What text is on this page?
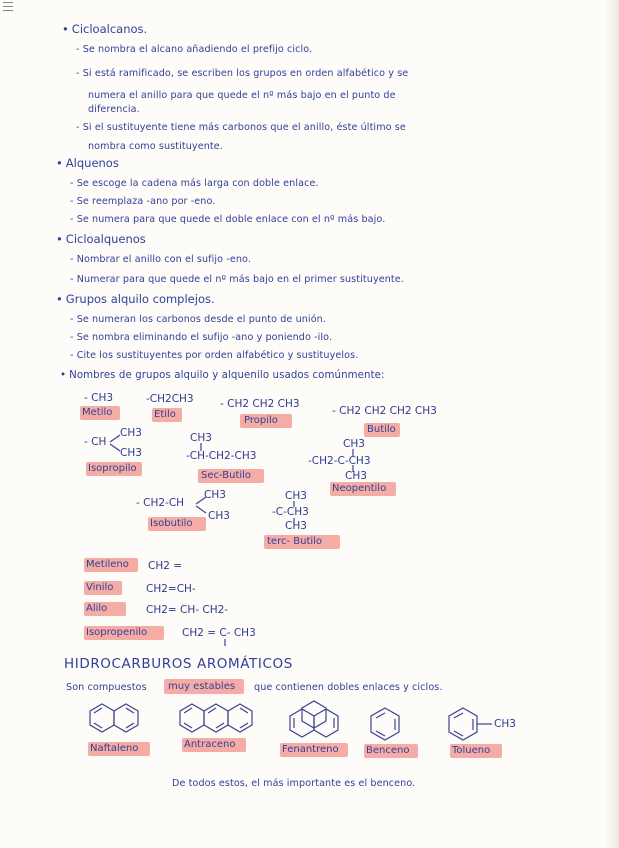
• Cicloalcanos.
- Se nombra el alcano añadiendo el prefijo ciclo.
- Si está ramificado, se escriben los grupos en orden alfabético y se
numera el anillo para que quede el nº más bajo en el punto de
diferencia.
- Si el sustituyente tiene más carbonos que el anillo, éste último se
nombra como sustituyente.
• Alquenos
- Se escoge la cadena más larga con doble enlace.
- Se reemplaza -ano por -eno.
- Se numera para que quede el doble enlace con el nº más bajo.
• Cicloalquenos
- Nombrar el anillo con el sufijo -eno.
- Numerar para que quede el nº más bajo en el primer sustituyente.
• Grupos alquilo complejos.
- Se numeran los carbonos desde el punto de unión.
- Se nombra eliminando el sufijo -ano y poniendo -ilo.
- Cite los sustituyentes por orden alfabético y sustituyelos.
• Nombres de grupos alquilo y alquenilo usados comúnmente:
- CH3
Metilo
-CH2CH3
Etilo
- CH2 CH2 CH3
Propilo
- CH2 CH2 CH2 CH3
Butilo
- CH
CH3
CH3
Isopropilo
CH3
-CH-CH2-CH3
Sec-Butilo
CH3
-CH2-C-CH3
CH3
Neopentilo
- CH2-CH
CH3
CH3
Isobutilo
CH3
-C-CH3
CH3
terc- Butilo
Metileno CH2 =
Vinilo	CH2=CH-
Alilo	CH2= CH- CH2-
Isopropenilo	CH2 = C- CH3
HIDROCARBUROS AROMÁTICOS
Son compuestos muy estables que contienen dobles enlaces y ciclos.
Naftaleno	Antraceno	Fenantreno	Benceno
CH3
Tolueno
De todos estos, el más importante es el benceno.
